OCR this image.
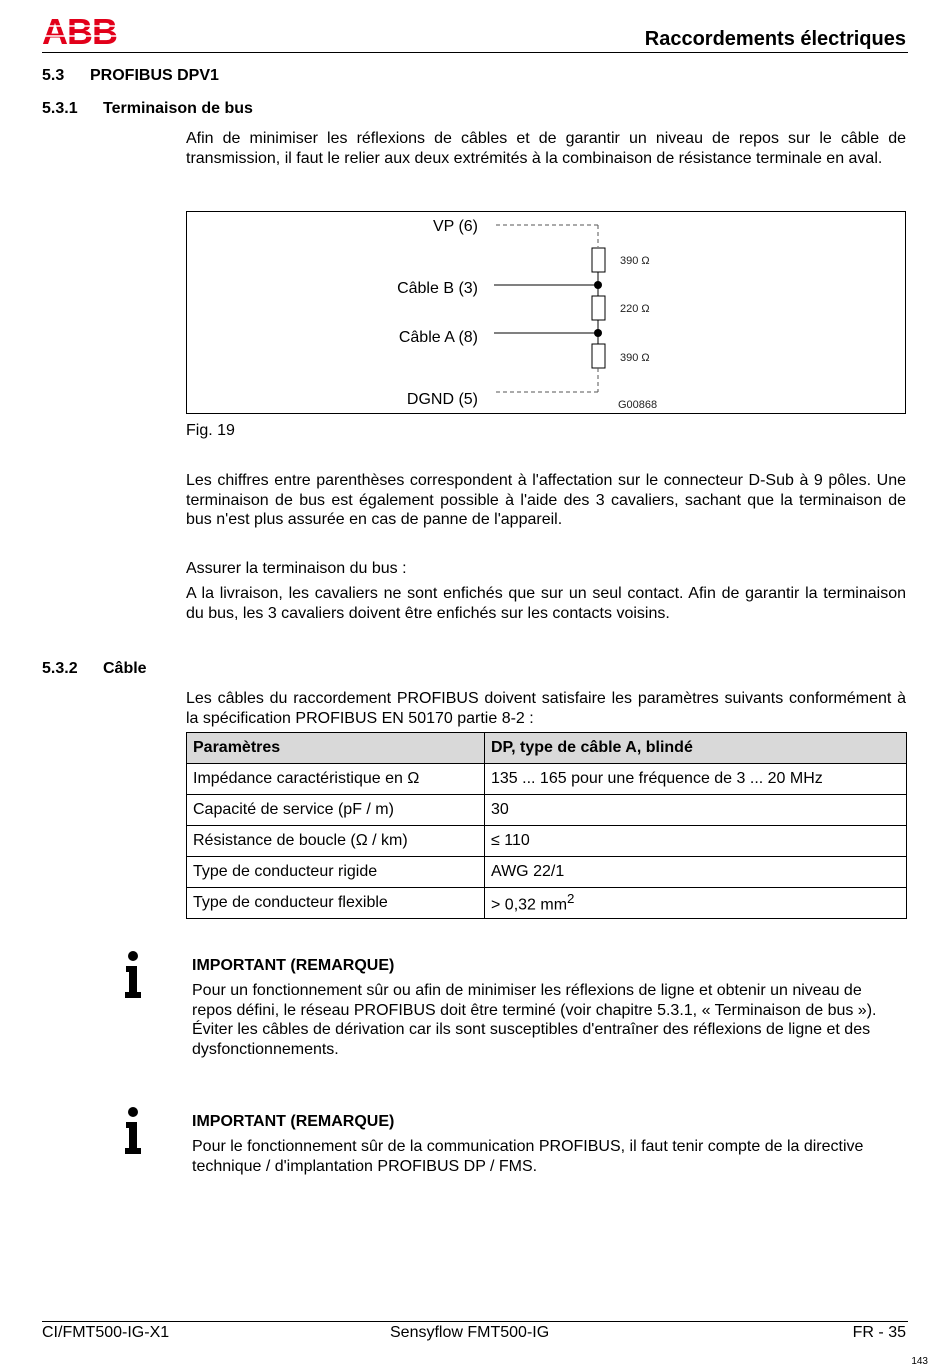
ABB	Raccordements électriques
5.3 PROFIBUS DPV1
5.3.1 Terminaison de bus
Afin de minimiser les réflexions de câbles et de garantir un niveau de repos sur le câble de transmission, il faut le relier aux deux extrémités à la combinaison de résistance terminale en aval.
VP (6)
Câble B (3)
Câble A (8)
DGND (5)
390 Ω
220 Ω
390 Ω
G00868
Fig. 19
Les chiffres entre parenthèses correspondent à l'affectation sur le connecteur D-Sub à 9 pôles. Une terminaison de bus est également possible à l'aide des 3 cavaliers, sachant que la terminaison de bus n'est plus assurée en cas de panne de l'appareil.
Assurer la terminaison du bus :
A la livraison, les cavaliers ne sont enfichés que sur un seul contact. Afin de garantir la terminaison du bus, les 3 cavaliers doivent être enfichés sur les contacts voisins.
5.3.2 Câble
Les câbles du raccordement PROFIBUS doivent satisfaire les paramètres suivants conformément à la spécification PROFIBUS EN 50170 partie 8-2 :
Paramètres	DP, type de câble A, blindé
Impédance caractéristique en Ω	135 ... 165 pour une fréquence de 3 ... 20 MHz
Capacité de service (pF / m)	30
Résistance de boucle (Ω / km)	≤ 110
Type de conducteur rigide	AWG 22/1
Type de conducteur flexible	> 0,32 $mm^2$
IMPORTANT (REMARQUE)
Pour un fonctionnement sûr ou afin de minimiser les réflexions de ligne et obtenir un niveau de repos défini, le réseau PROFIBUS doit être terminé (voir chapitre 5.3.1, « Terminaison de bus »).
Éviter les câbles de dérivation car ils sont susceptibles d'entraîner des réflexions de ligne et des dysfonctionnements.
IMPORTANT (REMARQUE)
Pour le fonctionnement sûr de la communication PROFIBUS, il faut tenir compte de la directive technique / d'implantation PROFIBUS DP / FMS.
CI/FMT500-IG-X1	Sensyflow FMT500-IG	FR - 35
143
